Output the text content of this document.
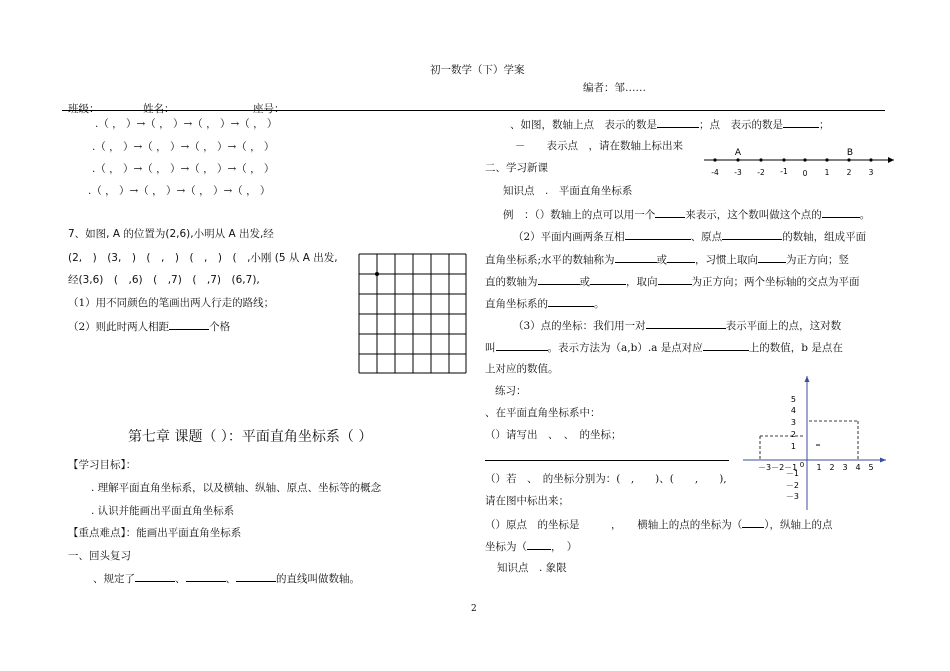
初一数学（下）学案
编者：邹……
班级：	姓名：	座号：
.（ ， ）→（ ， ）→（ ， ）→（ ， ）
.（ ， ）→（ ， ）→（ ， ）→（ ， ）
.（ ， ）→（ ， ）→（ ， ）→（ ， ）
.（ ， ）→（ ， ）→（ ， ）→（ ， ）
7、如图, A 的位置为(2,6),小明从 A 出发,经
(2,　)　(3,　)　(　,　)　(　,　)　(　,小刚 (5 从 A 出发,
经(3,6)　(　,6)　(　,7)　(　,7)　(6,7),
（1）用不同颜色的笔画出两人行走的路线；
（2）则此时两人相距	个格
第七章 课题（ ）：平面直角坐标系（ ）
【学习目标】：
. 理解平面直角坐标系，以及横轴、纵轴、原点、坐标等的概念
. 认识并能画出平面直角坐标系
【重点难点】：能画出平面直角坐标系
一、回头复习
、规定了	、	、	的直线叫做数轴。
、如图，数轴上点　表示的数是	；点　表示的数是	；
－　　表示点　，请在数轴上标出来
A	B
-4 -3 -2 -1 0 1 2 3
二、学习新课
知识点　.　平面直角坐标系
例　：（）数轴上的点可以用一个	来表示，这个数叫做这个点的	。
（2）平面内画两条互相	、原点	的数轴，组成平面
直角坐标系;水平的数轴称为	或	，习惯上取向	为正方向；竖
直的数轴为	或	，取向	为正方向；两个坐标轴的交点为平面
直角坐标系的	。
（3）点的坐标：我们用一对	表示平面上的点，这对数
叫	。表示方法为（a,b）.a 是点对应	上的数值，b 是点在
上对应的数值。
练习：
、在平面直角坐标系中：
（）请写出　、　、　的坐标；
（）若　、　的坐标分别为：(　,　　)、(　　,　　),
请在图中标出来；
（）原点　的坐标是　　　，　　横轴上的点的坐标为（ ），纵轴上的点
坐标为（ ，　）
知识点　. 象限
5
4
3
2
1
－1
－2
－3
－3－2－1 1 2 3 4 5
0
2
